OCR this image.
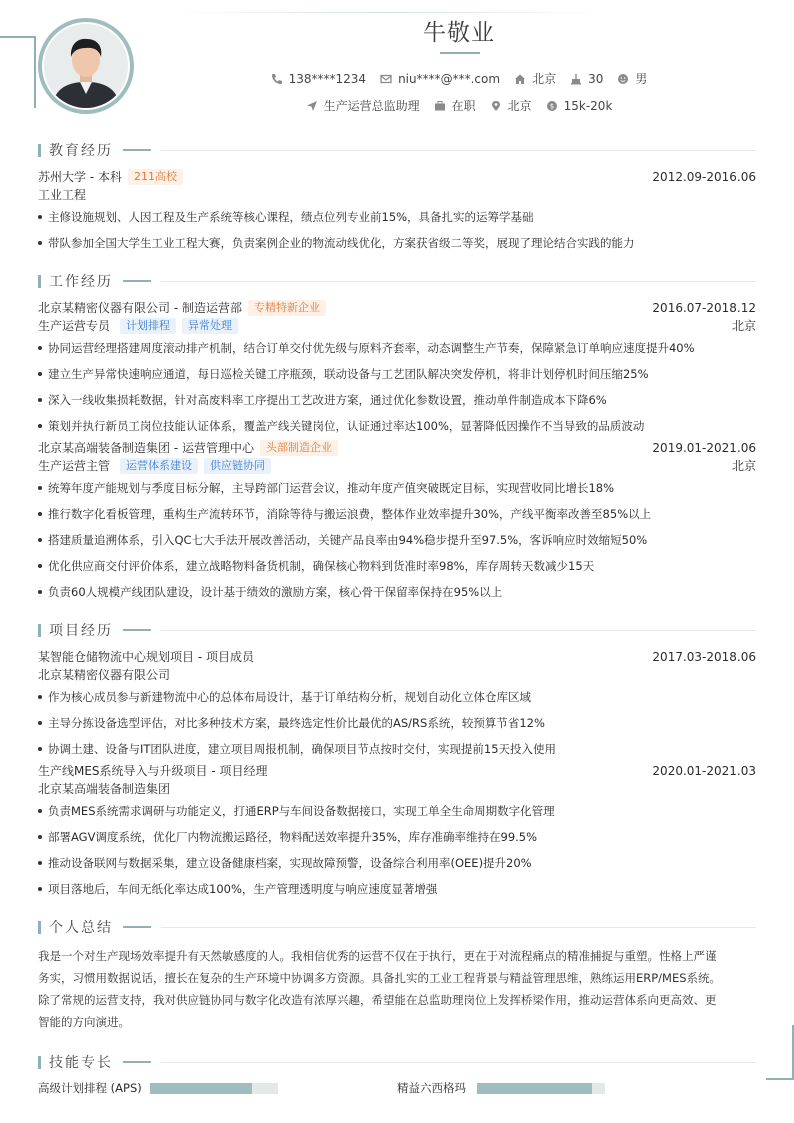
牛敬业
138****1234	niu****@***.com	北京	30	男
生产运营总监助理	在职	北京	$ 15k-20k
教育经历
苏州大学 - 本科	211高校	2012.09-2016.06
工业工程
主修设施规划、人因工程及生产系统等核心课程，绩点位列专业前15%，具备扎实的运筹学基础
带队参加全国大学生工业工程大赛，负责案例企业的物流动线优化，方案获省级二等奖，展现了理论结合实践的能力
工作经历
北京某精密仪器有限公司 - 制造运营部	专精特新企业	2016.07-2018.12
生产运营专员	计划排程	异常处理	北京
协同运营经理搭建周度滚动排产机制，结合订单交付优先级与原料齐套率，动态调整生产节奏，保障紧急订单响应速度提升40%
建立生产异常快速响应通道，每日巡检关键工序瓶颈，联动设备与工艺团队解决突发停机，将非计划停机时间压缩25%
深入一线收集损耗数据，针对高废料率工序提出工艺改进方案，通过优化参数设置，推动单件制造成本下降6%
策划并执行新员工岗位技能认证体系，覆盖产线关键岗位，认证通过率达100%，显著降低因操作不当导致的品质波动
北京某高端装备制造集团 - 运营管理中心	头部制造企业	2019.01-2021.06
生产运营主管	运营体系建设	供应链协同	北京
统筹年度产能规划与季度目标分解，主导跨部门运营会议，推动年度产值突破既定目标，实现营收同比增长18%
推行数字化看板管理，重构生产流转环节，消除等待与搬运浪费，整体作业效率提升30%，产线平衡率改善至85%以上
搭建质量追溯体系，引入QC七大手法开展改善活动，关键产品良率由94%稳步提升至97.5%，客诉响应时效缩短50%
优化供应商交付评价体系，建立战略物料备货机制，确保核心物料到货准时率98%，库存周转天数减少15天
负责60人规模产线团队建设，设计基于绩效的激励方案，核心骨干保留率保持在95%以上
项目经历
某智能仓储物流中心规划项目 - 项目成员	2017.03-2018.06
北京某精密仪器有限公司
作为核心成员参与新建物流中心的总体布局设计，基于订单结构分析，规划自动化立体仓库区域
主导分拣设备选型评估，对比多种技术方案，最终选定性价比最优的AS/RS系统，较预算节省12%
协调土建、设备与IT团队进度，建立项目周报机制，确保项目节点按时交付，实现提前15天投入使用
生产线MES系统导入与升级项目 - 项目经理	2020.01-2021.03
北京某高端装备制造集团
负责MES系统需求调研与功能定义，打通ERP与车间设备数据接口，实现工单全生命周期数字化管理
部署AGV调度系统，优化厂内物流搬运路径，物料配送效率提升35%，库存准确率维持在99.5%
推动设备联网与数据采集，建立设备健康档案，实现故障预警，设备综合利用率(OEE)提升20%
项目落地后，车间无纸化率达成100%，生产管理透明度与响应速度显著增强
个人总结
我是一个对生产现场效率提升有天然敏感度的人。我相信优秀的运营不仅在于执行，更在于对流程痛点的精准捕捉与重塑。性格上严谨
务实，习惯用数据说话，擅长在复杂的生产环境中协调多方资源。具备扎实的工业工程背景与精益管理思维，熟练运用ERP/MES系统。
除了常规的运营支持，我对供应链协同与数字化改造有浓厚兴趣，希望能在总监助理岗位上发挥桥梁作用，推动运营体系向更高效、更
智能的方向演进。
技能专长
高级计划排程 (APS)	精益六西格玛
